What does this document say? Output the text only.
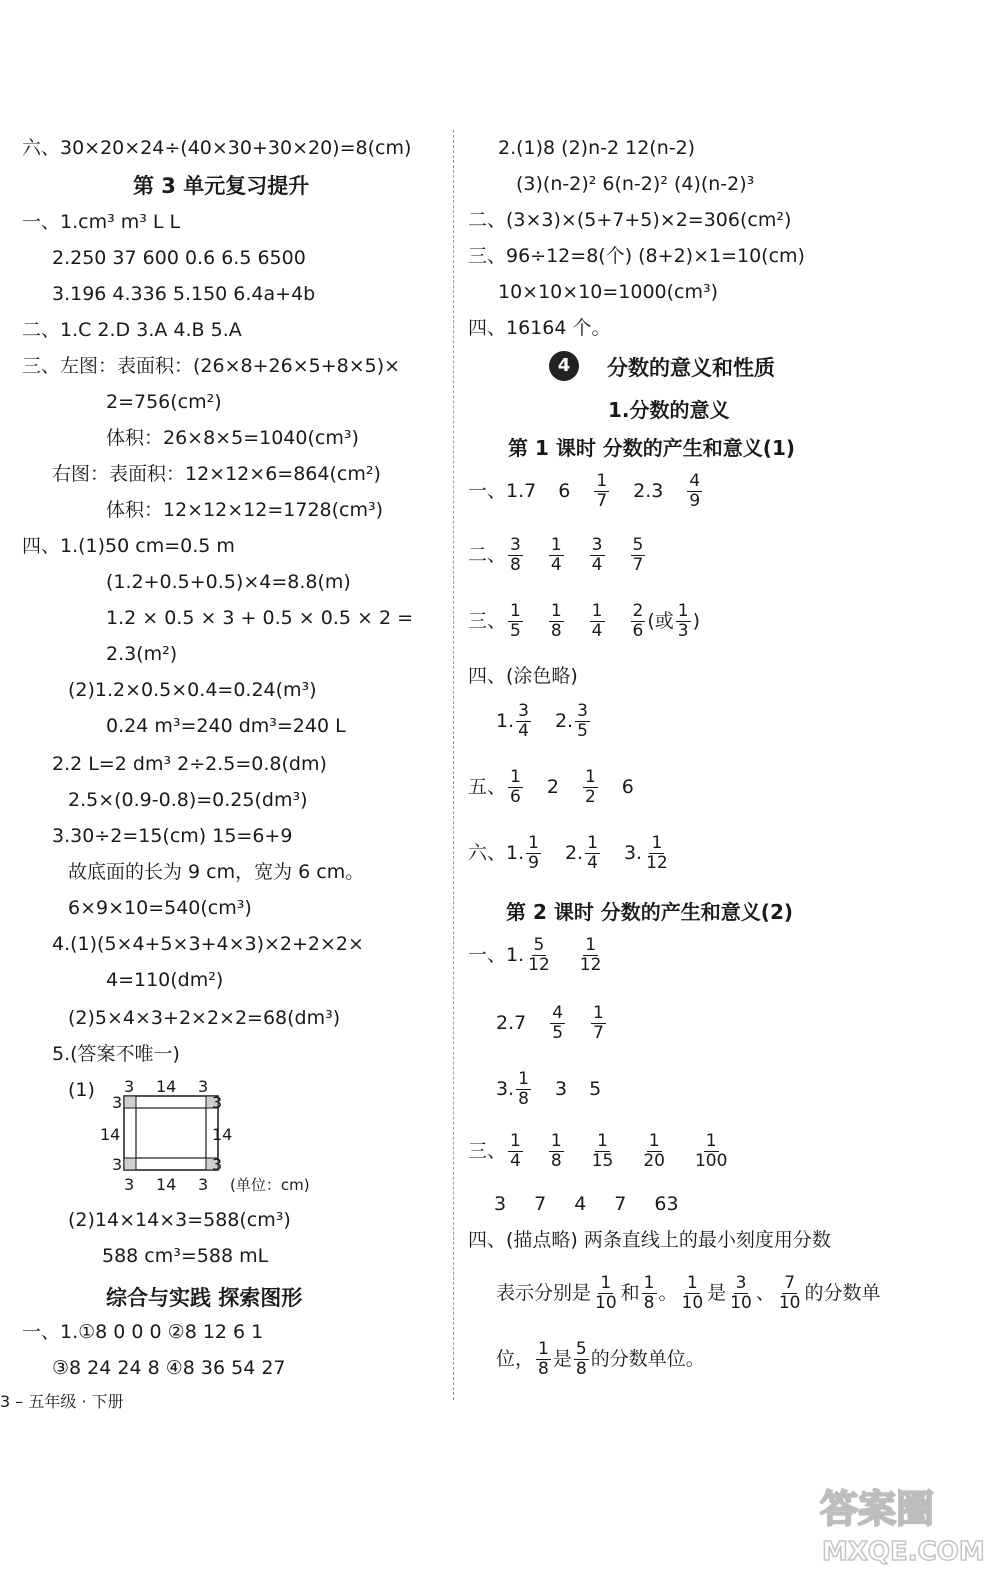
六、30×20×24÷(40×30+30×20)=8(cm)
第 3 单元复习提升
一、1.cm³ m³ L L
2.250 37 600 0.6 6.5 6500
3.196 4.336 5.150 6.4a+4b
二、1.C 2.D 3.A 4.B 5.A
三、左图：表面积：(26×8+26×5+8×5)×
2=756(cm²)
体积：26×8×5=1040(cm³)
右图：表面积：12×12×6=864(cm²)
体积：12×12×12=1728(cm³)
四、1.(1)50 cm=0.5 m
(1.2+0.5+0.5)×4=8.8(m)
1.2 × 0.5 × 3 + 0.5 × 0.5 × 2 =
2.3(m²)
(2)1.2×0.5×0.4=0.24(m³)
0.24 m³=240 dm³=240 L
2.2 L=2 dm³ 2÷2.5=0.8(dm)
2.5×(0.9-0.8)=0.25(dm³)
3.30÷2=15(cm) 15=6+9
故底面的长为 9 cm，宽为 6 cm。
6×9×10=540(cm³)
4.(1)(5×4+5×3+4×3)×2+2×2×
4=110(dm²)
(2)5×4×3+2×2×2=68(dm³)
5.(答案不唯一)
(1) 3 14 3
3	3
14	14
3	3
3 14 3 (单位：cm)
(2)14×14×3=588(cm³)
588 cm³=588 mL
综合与实践 探索图形
一、1.①8 0 0 0 ②8 12 6 1
③8 24 24 8 ④8 36 54 27
2.(1)8 (2)n-2 12(n-2)
(3)(n-2)² 6(n-2)² (4)(n-2)³
二、(3×3)×(5+7+5)×2=306(cm²)
三、96÷12=8(个) (8+2)×1=10(cm)
10×10×10=1000(cm³)
四、16164 个。
4	分数的意义和性质
1.分数的意义
第 1 课时 分数的产生和意义(1)
一、1.7 $6 \frac{1}{7} 2.3 \frac{4}{9}$
二、 $\frac{3}{8} \frac{1}{4} \frac{3}{4} \frac{5}{7}$
三、 $\frac{1}{5} \frac{1}{8} \frac{1}{4} \frac{2}{6}$ (或 $\frac{1}{3}$ )
四、(涂色略)
1. $\frac{3}{4} 2$. $\frac{3}{5}$
五、 $\frac{1}{6} 2 \frac{1}{2} 6$
六、1. $\frac{1}{9} 2$. $\frac{1}{4} 3$. $\frac{1}{12}$
第 2 课时 分数的产生和意义(2)
一、1. $\frac{5}{12} \frac{1}{12}$
$2.7 \frac{4}{5} \frac{1}{7}$
3. $\frac{1}{8} 3$ 5
三、 $\frac{1}{4} \frac{1}{8} \frac{1}{15} \frac{1}{20} \frac{1}{100}$
3 7 4 7 63
四、(描点略) 两条直线上的最小刻度用分数
表示分别是 $\frac{1}{10}$ 和 $\frac{1}{8}$ 。 $\frac{1}{10}$ 是 $\frac{3}{10}$ 、 $\frac{7}{10}$ 的分数单
位， $\frac{1}{8}$ 是 $\frac{5}{8}$ 的分数单位。
3 – 五年级 · 下册
答案圈
MXQE.COM
